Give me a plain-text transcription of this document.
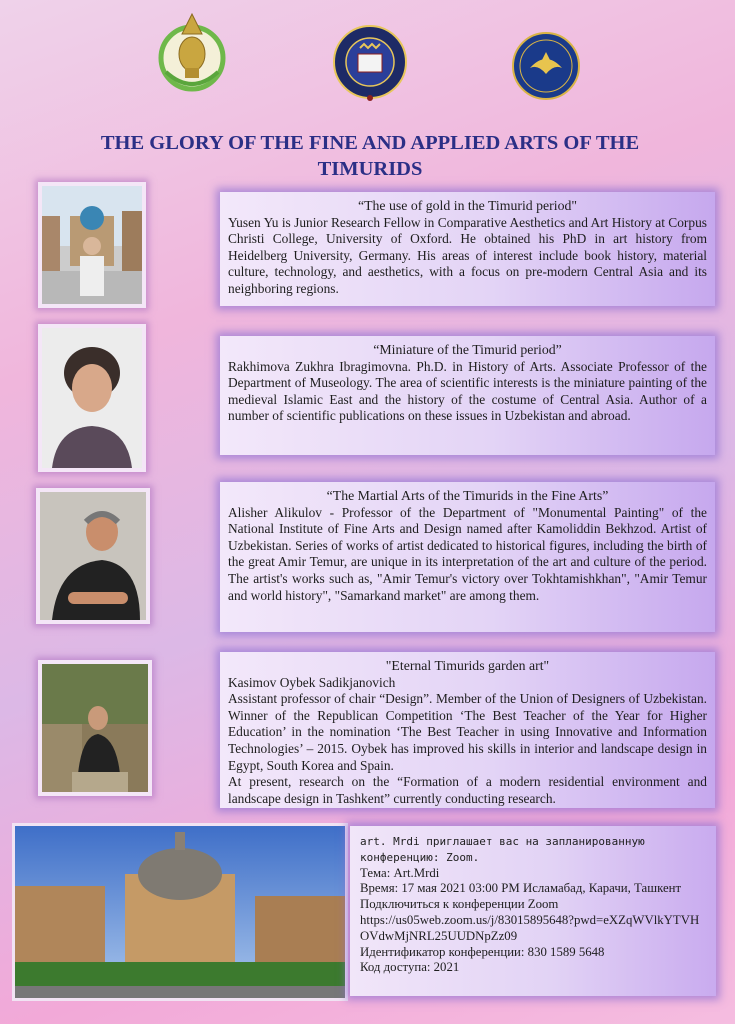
THE GLORY OF THE FINE AND APPLIED ARTS OF THE TIMURIDS
“The use of gold in the Timurid period"
Yusen Yu is Junior Research Fellow in Comparative Aesthetics and Art History at Corpus Christi College, University of Oxford. He obtained his PhD in art history from Heidelberg University, Germany. His areas of interest include book history, material culture, technology, and aesthetics, with a focus on pre-modern Central Asia and its neighboring regions.
“Miniature of the Timurid period”
Rakhimova Zukhra Ibragimovna. Ph.D. in History of Arts. Associate Professor of the Department of Museology. The area of scientific interests is the miniature painting of the medieval Islamic East and the history of the costume of Central Asia. Author of a number of scientific publications on these issues in Uzbekistan and abroad.
“The Martial Arts of the Timurids in the Fine Arts”
Alisher Alikulov - Professor of the Department of "Monumental Painting" of the National Institute of Fine Arts and Design named after Kamoliddin Bekhzod. Artist of Uzbekistan. Series of works of artist dedicated to historical figures, including the birth of the great Amir Temur, are unique in its interpretation of the art and culture of the period. The artist's works such as, "Amir Temur's victory over Tokhtamishkhan", "Amir Temur and world history", "Samarkand market" are among them.
"Eternal Timurids garden art"
Kasimov Oybek Sadikjanovich
Assistant professor of chair “Design”. Member of the Union of Designers of Uzbekistan. Winner of the Republican Competition ‘The Best Teacher of the Year for Higher Education’ in the nomination ‘The Best Teacher in using Innovative and Information Technologies’ – 2015. Oybek has improved his skills in interior and landscape design in Egypt, South Korea and Spain.
At present, research on the “Formation of a modern residential environment and landscape design in Tashkent” currently conducting research.
art. Mrdi приглашает вас на запланированную конференцию: Zoom.
Тема: Art.Mrdi
Время: 17 мая 2021 03:00 PM Исламабад, Карачи, Ташкент
Подключиться к конференции Zoom
https://us05web.zoom.us/j/83015895648?pwd=eXZqWVlkYTVHOVdwMjNRL25UUDNpZz09
Идентификатор конференции: 830 1589 5648
Код доступа: 2021
